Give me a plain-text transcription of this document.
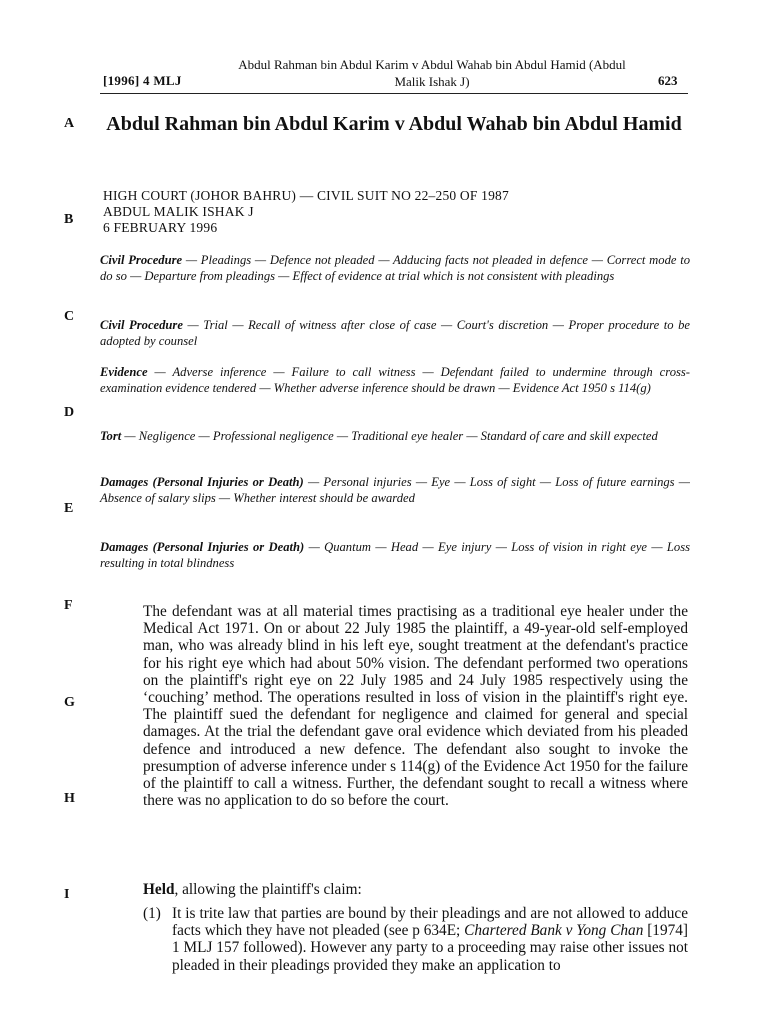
[1996] 4 MLJ
Abdul Rahman bin Abdul Karim v Abdul Wahab bin Abdul Hamid (Abdul Malik Ishak J)	623
A
B
C
D
E
F
G
H
I
Abdul Rahman bin Abdul Karim v Abdul Wahab bin Abdul Hamid
HIGH COURT (JOHOR BAHRU) — CIVIL SUIT NO 22–250 OF 1987
ABDUL MALIK ISHAK J
6 FEBRUARY 1996
Civil Procedure — Pleadings — Defence not pleaded — Adducing facts not pleaded in defence — Correct mode to do so — Departure from pleadings — Effect of evidence at trial which is not consistent with pleadings
Civil Procedure — Trial — Recall of witness after close of case — Court's discretion — Proper procedure to be adopted by counsel
Evidence — Adverse inference — Failure to call witness — Defendant failed to undermine through cross-examination evidence tendered — Whether adverse inference should be drawn — Evidence Act 1950 s 114(g)
Tort — Negligence — Professional negligence — Traditional eye healer — Standard of care and skill expected
Damages (Personal Injuries or Death) — Personal injuries — Eye — Loss of sight — Loss of future earnings — Absence of salary slips — Whether interest should be awarded
Damages (Personal Injuries or Death) — Quantum — Head — Eye injury — Loss of vision in right eye — Loss resulting in total blindness
The defendant was at all material times practising as a traditional eye healer under the Medical Act 1971. On or about 22 July 1985 the plaintiff, a 49-year-old self-employed man, who was already blind in his left eye, sought treatment at the defendant's practice for his right eye which had about 50% vision. The defendant performed two operations on the plaintiff's right eye on 22 July 1985 and 24 July 1985 respectively using the ‘couching’ method. The operations resulted in loss of vision in the plaintiff's right eye. The plaintiff sued the defendant for negligence and claimed for general and special damages. At the trial the defendant gave oral evidence which deviated from his pleaded defence and introduced a new defence. The defendant also sought to invoke the presumption of adverse inference under s 114(g) of the Evidence Act 1950 for the failure of the plaintiff to call a witness. Further, the defendant sought to recall a witness where there was no application to do so before the court.
Held, allowing the plaintiff's claim:
(1) It is trite law that parties are bound by their pleadings and are not allowed to adduce facts which they have not pleaded (see p 634E; Chartered Bank v Yong Chan [1974] 1 MLJ 157 followed). However any party to a proceeding may raise other issues not pleaded in their pleadings provided they make an application to
